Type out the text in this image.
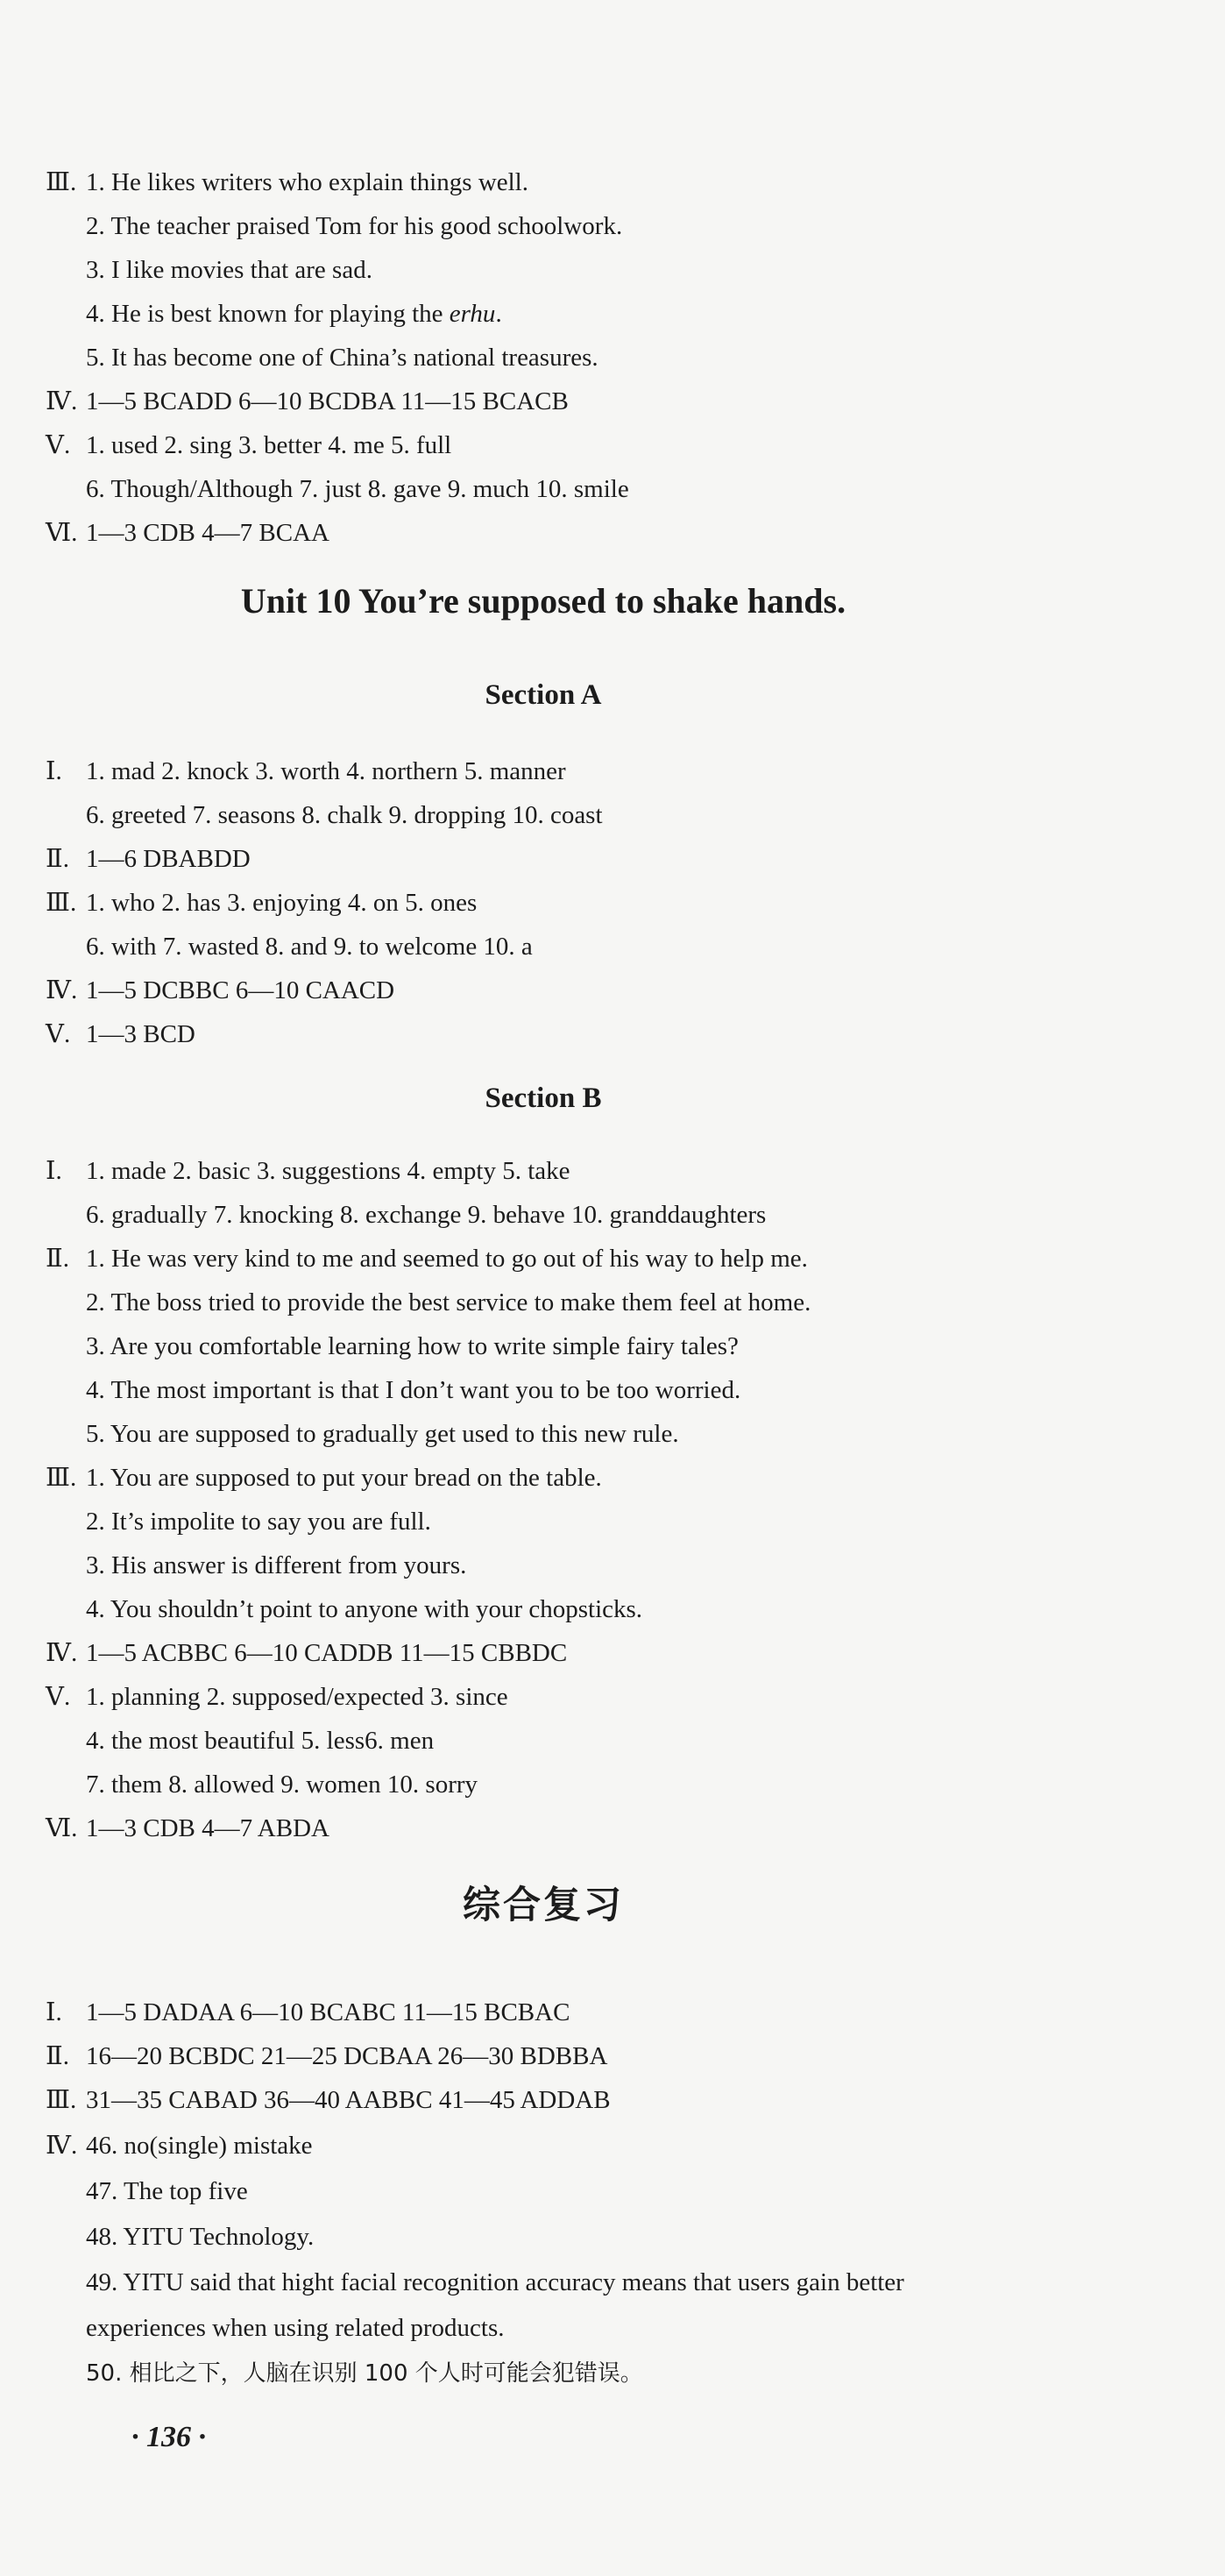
Ⅲ. 1. He likes writers who explain things well.
2. The teacher praised Tom for his good schoolwork.
3. I like movies that are sad.
4. He is best known for playing the erhu.
5. It has become one of China’s national treasures.
Ⅳ. 1—5 BCADD 6—10 BCDBA 11—15 BCACB
Ⅴ. 1. used 2. sing 3. better 4. me 5. full
6. Though/Although 7. just 8. gave 9. much 10. smile
Ⅵ. 1—3 CDB 4—7 BCAA
Unit 10 You’re supposed to shake hands.
Section A
Ⅰ. 1. mad 2. knock 3. worth 4. northern 5. manner
6. greeted 7. seasons 8. chalk 9. dropping 10. coast
Ⅱ. 1—6 DBABDD
Ⅲ. 1. who 2. has 3. enjoying 4. on 5. ones
6. with 7. wasted 8. and 9. to welcome 10. a
Ⅳ. 1—5 DCBBC 6—10 CAACD
Ⅴ. 1—3 BCD
Section B
Ⅰ. 1. made 2. basic 3. suggestions 4. empty 5. take
6. gradually 7. knocking 8. exchange 9. behave 10. granddaughters
Ⅱ. 1. He was very kind to me and seemed to go out of his way to help me.
2. The boss tried to provide the best service to make them feel at home.
3. Are you comfortable learning how to write simple fairy tales?
4. The most important is that I don’t want you to be too worried.
5. You are supposed to gradually get used to this new rule.
Ⅲ. 1. You are supposed to put your bread on the table.
2. It’s impolite to say you are full.
3. His answer is different from yours.
4. You shouldn’t point to anyone with your chopsticks.
Ⅳ. 1—5 ACBBC 6—10 CADDB 11—15 CBBDC
Ⅴ. 1. planning 2. supposed/expected 3. since
4. the most beautiful 5. less6. men
7. them 8. allowed 9. women 10. sorry
Ⅵ. 1—3 CDB 4—7 ABDA
综合复习
Ⅰ. 1—5 DADAA 6—10 BCABC 11—15 BCBAC
Ⅱ. 16—20 BCBDC 21—25 DCBAA 26—30 BDBBA
Ⅲ. 31—35 CABAD 36—40 AABBC 41—45 ADDAB
Ⅳ. 46. no(single) mistake
47. The top five
48. YITU Technology.
49. YITU said that hight facial recognition accuracy means that users gain better
experiences when using related products.
50. 相比之下，人脑在识别 100 个人时可能会犯错误。
· 136 ·
